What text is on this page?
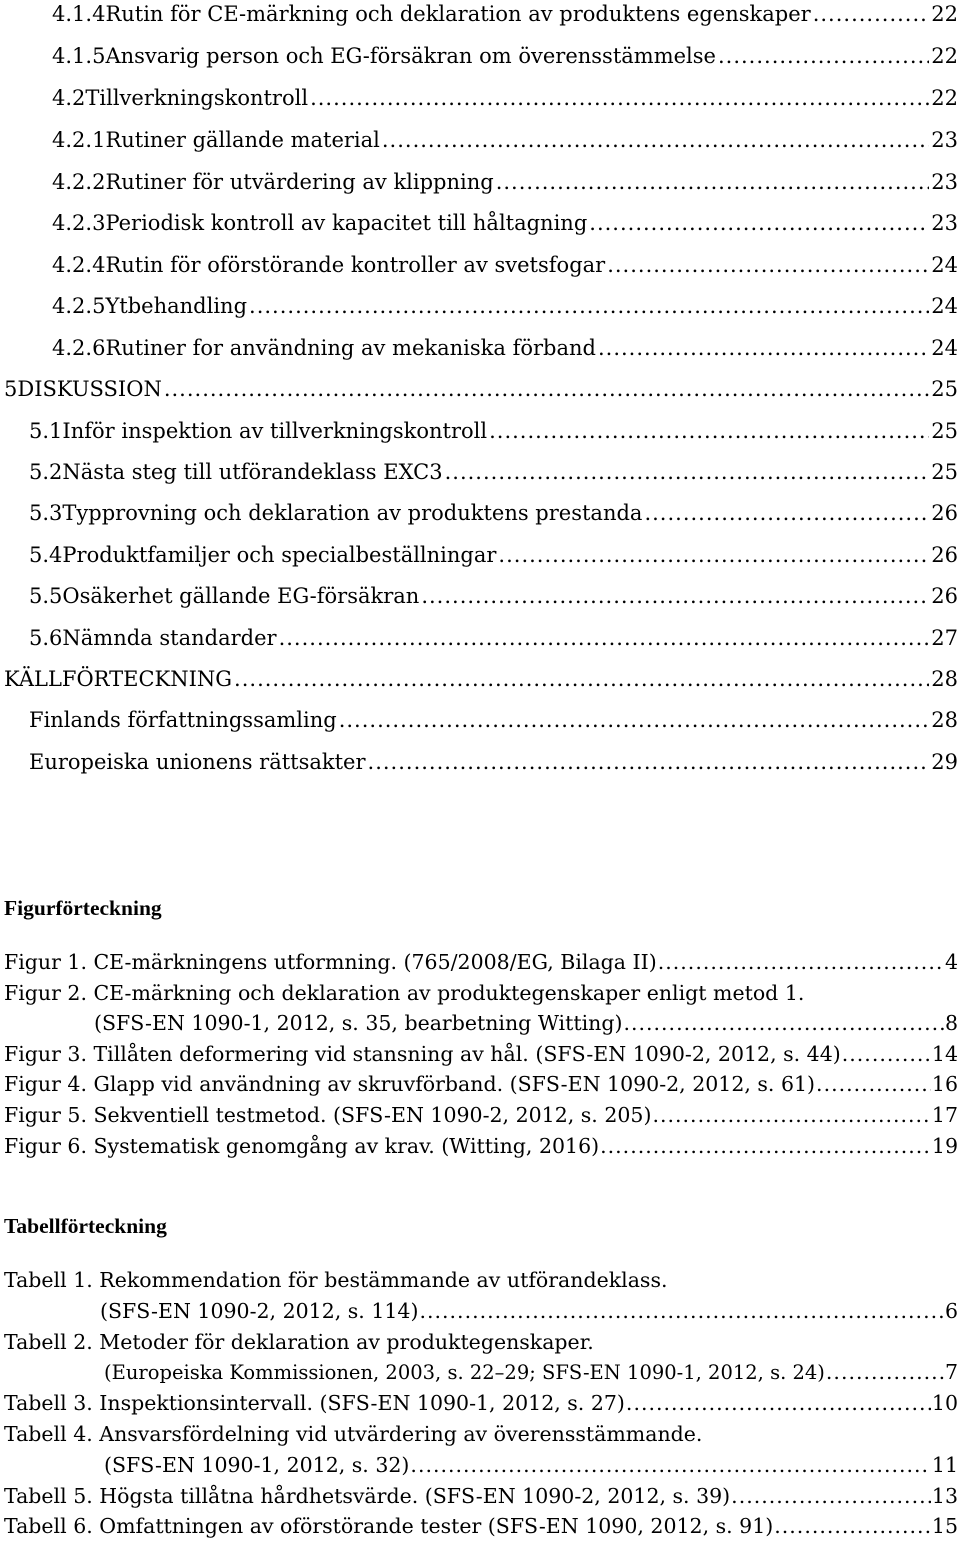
4.1.4 Rutin för CE-märkning och deklaration av produktens egenskaper .....	22
4.1.5 Ansvarig person och EG-försäkran om överensstämmelse .....	22
4.2 Tillverkningskontroll .....	22
4.2.1 Rutiner gällande material .....	23
4.2.2 Rutiner för utvärdering av klippning .....	23
4.2.3 Periodisk kontroll av kapacitet till håltagning .....	23
4.2.4 Rutin för oförstörande kontroller av svetsfogar .....	24
4.2.5 Ytbehandling .....	24
4.2.6 Rutiner for användning av mekaniska förband .....	24
5 DISKUSSION .....	25
5.1 Inför inspektion av tillverkningskontroll .....	25
5.2 Nästa steg till utförandeklass EXC3 .....	25
5.3 Typprovning och deklaration av produktens prestanda .....	26
5.4 Produktfamiljer och specialbeställningar .....	26
5.5 Osäkerhet gällande EG-försäkran .....	26
5.6 Nämnda standarder .....	27
KÄLLFÖRTECKNING .....	28
Finlands författningssamling .....	28
Europeiska unionens rättsakter .....	29
Figurförteckning
Figur 1. CE-märkningens utformning. (765/2008/EG, Bilaga II) .....	4
Figur 2. CE-märkning och deklaration av produktegenskaper enligt metod 1.
(SFS-EN 1090-1, 2012, s. 35, bearbetning Witting) .....	8
Figur 3. Tillåten deformering vid stansning av hål. (SFS-EN 1090-2, 2012, s. 44) .....	14
Figur 4. Glapp vid användning av skruvförband. (SFS-EN 1090-2, 2012, s. 61) .....	16
Figur 5. Sekventiell testmetod. (SFS-EN 1090-2, 2012, s. 205) .....	17
Figur 6. Systematisk genomgång av krav. (Witting, 2016) .....	19
Tabellförteckning
Tabell 1. Rekommendation för bestämmande av utförandeklass.
(SFS-EN 1090-2, 2012, s. 114) .....	6
Tabell 2. Metoder för deklaration av produktegenskaper.
(Europeiska Kommissionen, 2003, s. 22–29; SFS-EN 1090-1, 2012, s. 24) .....	7
Tabell 3. Inspektionsintervall. (SFS-EN 1090-1, 2012, s. 27) .....	10
Tabell 4. Ansvarsfördelning vid utvärdering av överensstämmande.
(SFS-EN 1090-1, 2012, s. 32) .....	11
Tabell 5. Högsta tillåtna hårdhetsvärde. (SFS-EN 1090-2, 2012, s. 39) .....	13
Tabell 6. Omfattningen av oförstörande tester (SFS-EN 1090, 2012, s. 91) .....	15
